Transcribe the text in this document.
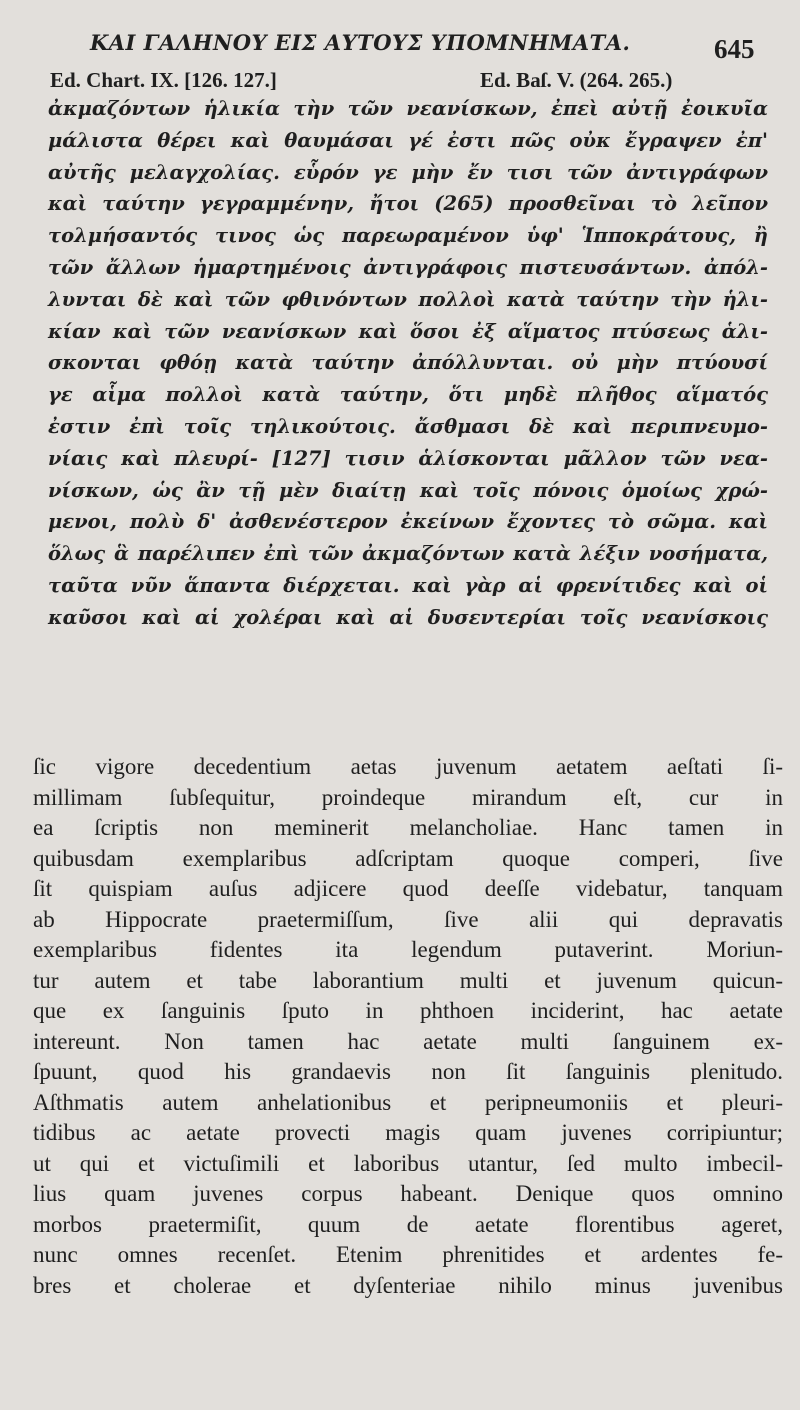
ΚΑΙ ΓΑΛΗΝΟΥ ΕΙΣ ΑΥΤΟΥΣ ΥΠΟΜΝΗΜΑΤΑ.	645
Ed. Chart. IX. [126. 127.]	Ed. Baſ. V. (264. 265.)
ἀκμαζόντων ἡλικία τὴν τῶν νεανίσκων, ἐπεὶ αὐτῇ ἐοικυῖα
μάλιστα θέρει καὶ θαυμάσαι γέ ἐστι πῶς οὐκ ἔγραψεν ἐπ'
αὐτῆς μελαγχολίας. εὗρόν γε μὴν ἔν τισι τῶν ἀντιγράφων
καὶ ταύτην γεγραμμένην, ἤτοι (265) προσθεῖναι τὸ λεῖπον
τολμήσαντός τινος ὡς παρεωραμένον ὑφ' Ἱπποκράτους, ἢ
τῶν ἄλλων ἡμαρτημένοις ἀντιγράφοις πιστευσάντων. ἀπόλ-
λυνται δὲ καὶ τῶν φθινόντων πολλοὶ κατὰ ταύτην τὴν ἡλι-
κίαν καὶ τῶν νεανίσκων καὶ ὅσοι ἐξ αἵματος πτύσεως ἁλι-
σκονται φθόῃ κατὰ ταύτην ἀπόλλυνται. οὐ μὴν πτύουσί
γε αἷμα πολλοὶ κατὰ ταύτην, ὅτι μηδὲ πλῆθος αἵματός
ἐστιν ἐπὶ τοῖς τηλικούτοις. ἄσθμασι δὲ καὶ περιπνευμο-
νίαις καὶ πλευρί- [127] τισιν ἁλίσκονται μᾶλλον τῶν νεα-
νίσκων, ὡς ἂν τῇ μὲν διαίτῃ καὶ τοῖς πόνοις ὁμοίως χρώ-
μενοι, πολὺ δ' ἀσθενέστερον ἐκείνων ἔχοντες τὸ σῶμα. καὶ
ὅλως ἃ παρέλιπεν ἐπὶ τῶν ἀκμαζόντων κατὰ λέξιν νοσήματα,
ταῦτα νῦν ἅπαντα διέρχεται. καὶ γὰρ αἱ φρενίτιδες καὶ οἱ
καῦσοι καὶ αἱ χολέραι καὶ αἱ δυσεντερίαι τοῖς νεανίσκοις
ſic vigore decedentium aetas juvenum aetatem aeſtati ſi-
millimam ſubſequitur, proindeque mirandum eſt, cur in
ea ſcriptis non meminerit melancholiae. Hanc tamen in
quibusdam exemplaribus adſcriptam quoque comperi, ſive
ſit quispiam auſus adjicere quod deeſſe videbatur, tanquam
ab Hippocrate praetermiſſum, ſive alii qui depravatis
exemplaribus fidentes ita legendum putaverint. Moriun-
tur autem et tabe laborantium multi et juvenum quicun-
que ex ſanguinis ſputo in phthoen inciderint, hac aetate
intereunt. Non tamen hac aetate multi ſanguinem ex-
ſpuunt, quod his grandaevis non ſit ſanguinis plenitudo.
Aſthmatis autem anhelationibus et peripneumoniis et pleuri-
tidibus ac aetate provecti magis quam juvenes corripiuntur;
ut qui et victuſimili et laboribus utantur, ſed multo imbecil-
lius quam juvenes corpus habeant. Denique quos omnino
morbos praetermiſit, quum de aetate florentibus ageret,
nunc omnes recenſet. Etenim phrenitides et ardentes fe-
bres et cholerae et dyſenteriae nihilo minus juvenibus
